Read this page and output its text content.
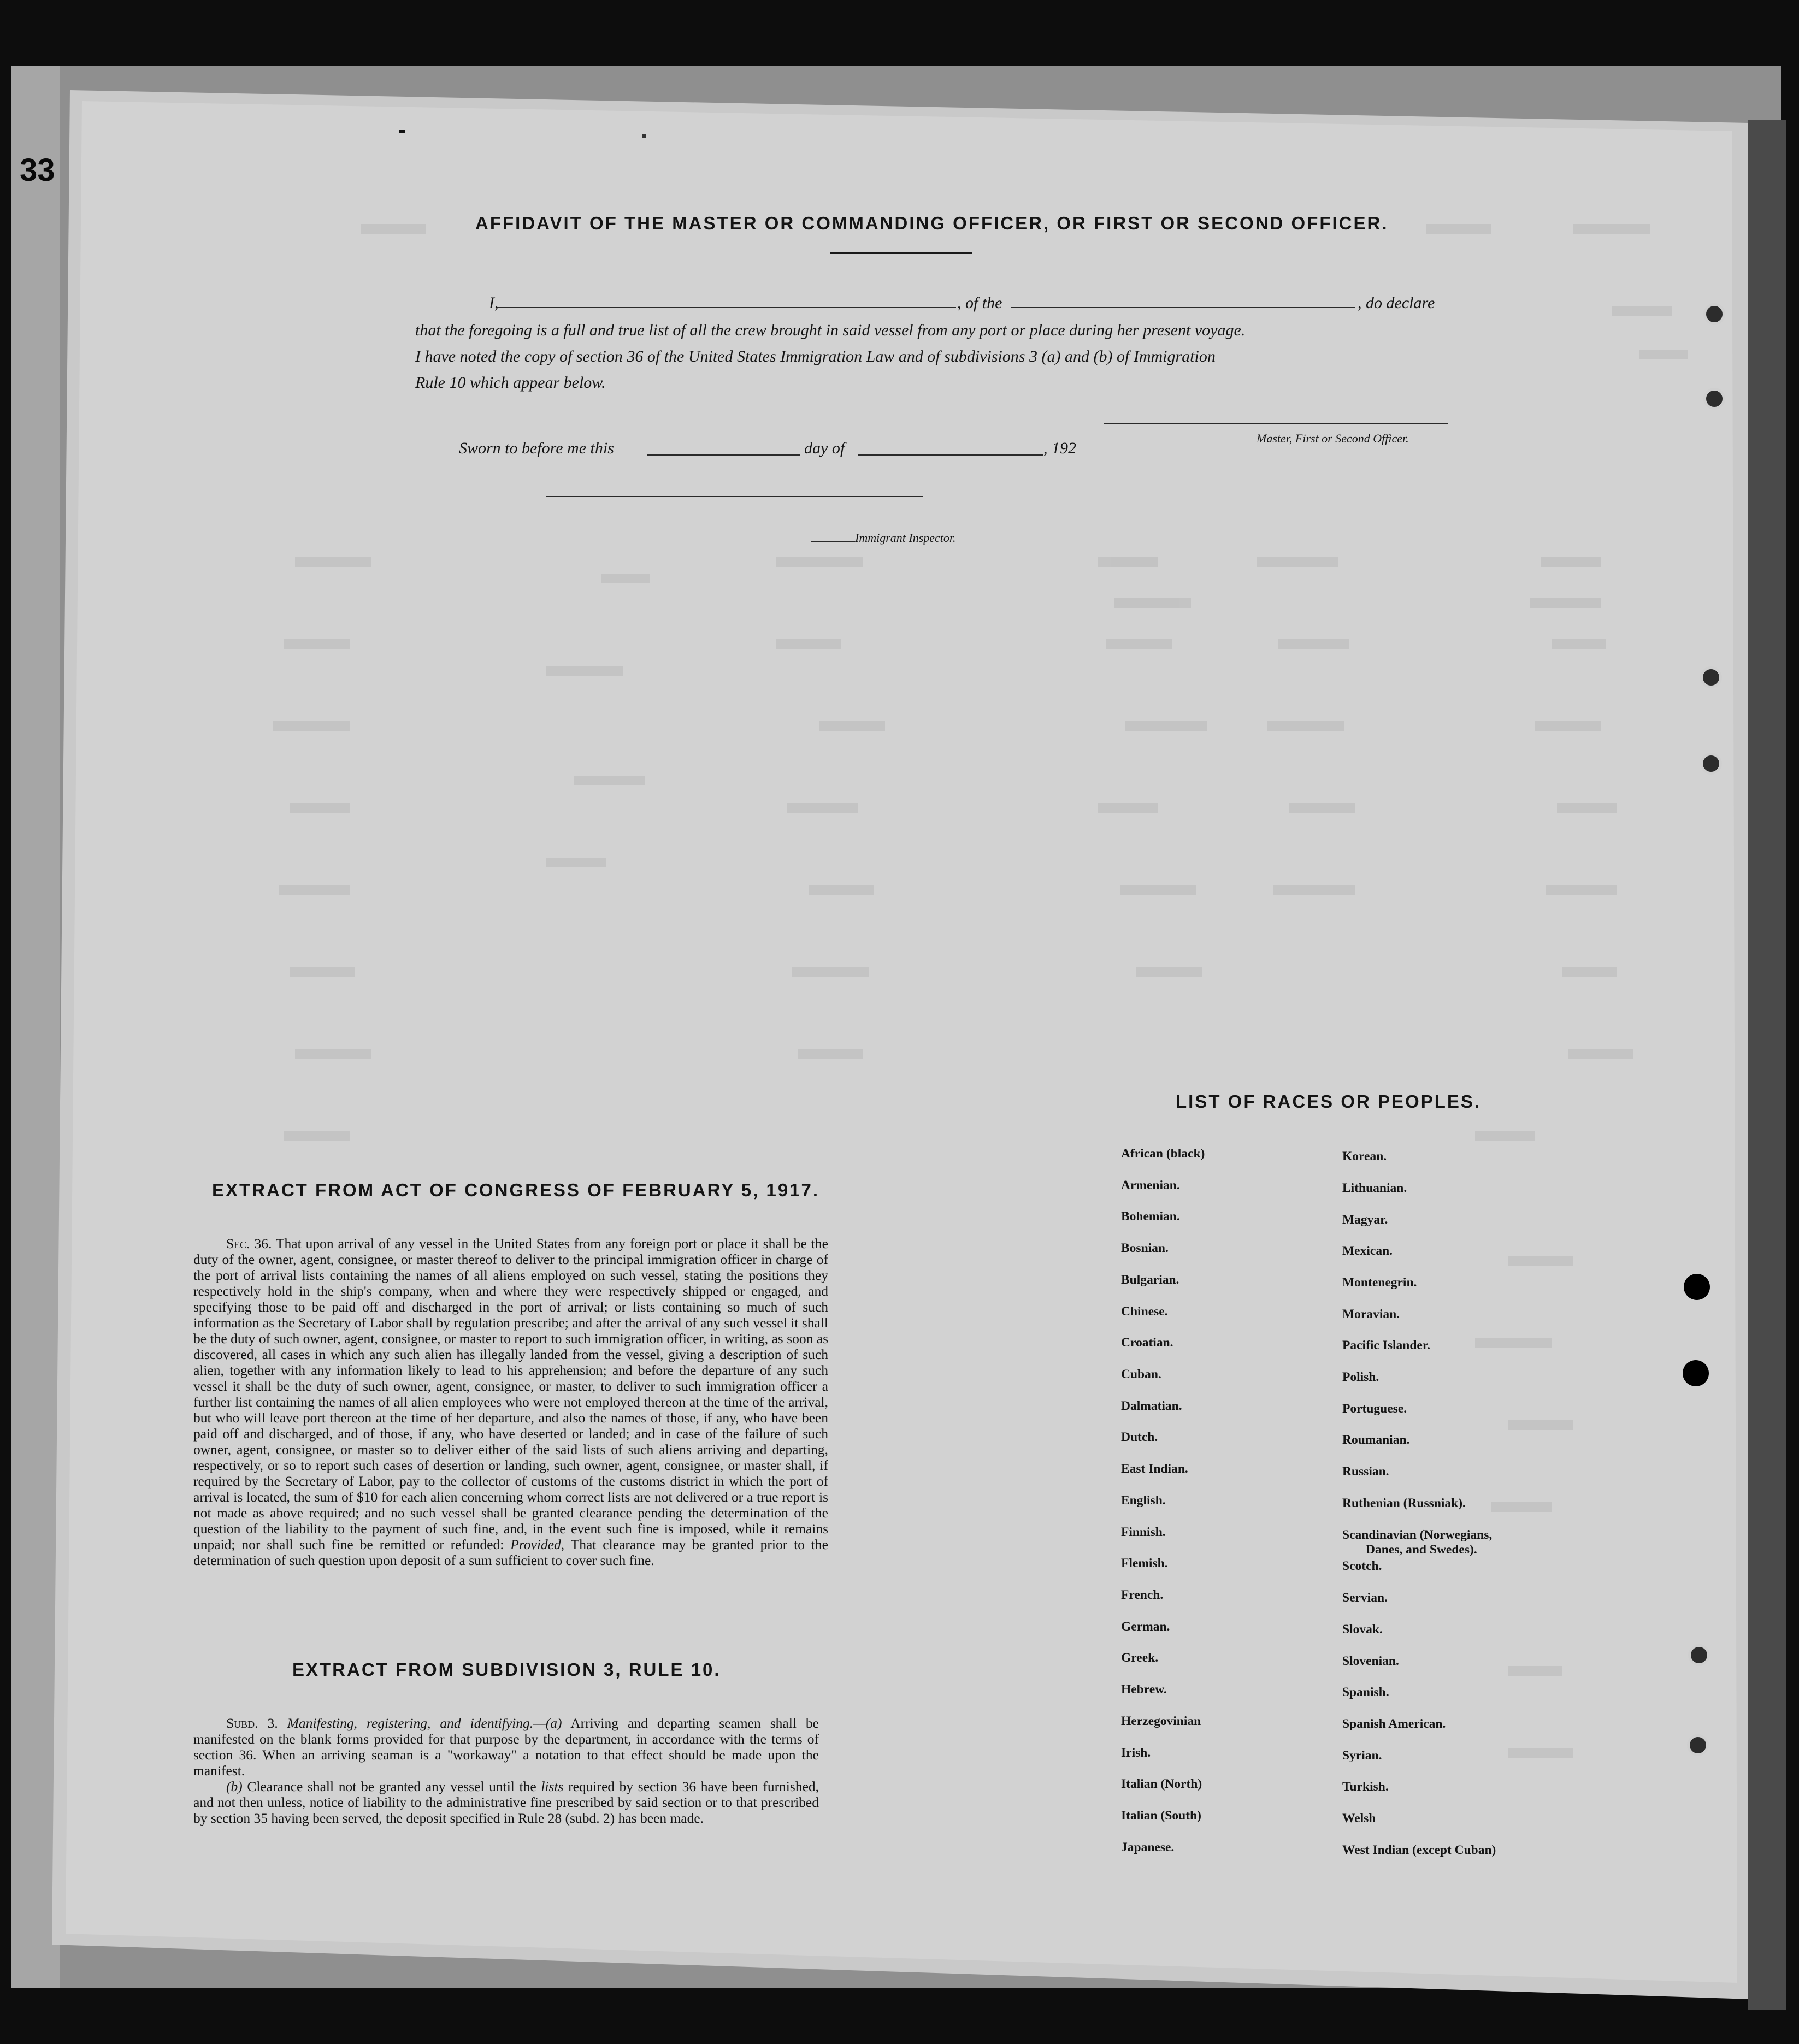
33
AFFIDAVIT OF THE MASTER OR COMMANDING OFFICER, OR FIRST OR SECOND OFFICER.
I,	, of the	, do declare
that the foregoing is a full and true list of all the crew brought in said vessel from any port or place during her present voyage.
I have noted the copy of section 36 of the United States Immigration Law and of subdivisions 3 (a) and (b) of Immigration
Rule 10 which appear below.
Master, First or Second Officer.
Sworn to before me this	day of	, 192
Immigrant Inspector.
EXTRACT FROM ACT OF CONGRESS OF FEBRUARY 5, 1917.
Sec. 36. That upon arrival of any vessel in the United States from any foreign port or place it shall be the duty of the owner, agent, consignee, or master thereof to deliver to the principal immigration officer in charge of the port of arrival lists containing the names of all aliens employed on such vessel, stating the positions they respectively hold in the ship's company, when and where they were respectively shipped or engaged, and specifying those to be paid off and discharged in the port of arrival; or lists containing so much of such information as the Secretary of Labor shall by regulation prescribe; and after the arrival of any such vessel it shall be the duty of such owner, agent, consignee, or master to report to such immigration officer, in writing, as soon as discovered, all cases in which any such alien has illegally landed from the vessel, giving a description of such alien, together with any information likely to lead to his apprehension; and before the departure of any such vessel it shall be the duty of such owner, agent, consignee, or master, to deliver to such immigration officer a further list containing the names of all alien employees who were not employed thereon at the time of the arrival, but who will leave port thereon at the time of her departure, and also the names of those, if any, who have been paid off and discharged, and of those, if any, who have deserted or landed; and in case of the failure of such owner, agent, consignee, or master so to deliver either of the said lists of such aliens arriving and departing, respectively, or so to report such cases of desertion or landing, such owner, agent, consignee, or master shall, if required by the Secretary of Labor, pay to the collector of customs of the customs district in which the port of arrival is located, the sum of $10 for each alien concerning whom correct lists are not delivered or a true report is not made as above required; and no such vessel shall be granted clearance pending the determination of the question of the liability to the payment of such fine, and, in the event such fine is imposed, while it remains unpaid; nor shall such fine be remitted or refunded: Provided, That clearance may be granted prior to the determination of such question upon deposit of a sum sufficient to cover such fine.
EXTRACT FROM SUBDIVISION 3, RULE 10.

Subd. 3. Manifesting, registering, and identifying.—(a) Arriving and departing seamen shall be manifested on the blank forms provided for that purpose by the department, in accordance with the terms of section 36. When an arriving seaman is a "workaway" a notation to that effect should be made upon the manifest.

(b) Clearance shall not be granted any vessel until the lists required by section 36 have been furnished, and not then unless, notice of liability to the administrative fine prescribed by said section or to that prescribed by section 35 having been served, the deposit specified in Rule 28 (subd. 2) has been made.

LIST OF RACES OR PEOPLES.
African (black)
Armenian.
Bohemian.
Bosnian.
Bulgarian.
Chinese.
Croatian.
Cuban.
Dalmatian.
Dutch.
East Indian.
English.
Finnish.
Flemish.
French.
German.
Greek.
Hebrew.
Herzegovinian
Irish.
Italian (North)
Italian (South)
Japanese.
Korean.
Lithuanian.
Magyar.
Mexican.
Montenegrin.
Moravian.
Pacific Islander.
Polish.
Portuguese.
Roumanian.
Russian.
Ruthenian (Russniak).
Scandinavian (Norwegians,
Danes, and Swedes).
Scotch.
Servian.
Slovak.
Slovenian.
Spanish.
Spanish American.
Syrian.
Turkish.
Welsh
West Indian (except Cuban)
